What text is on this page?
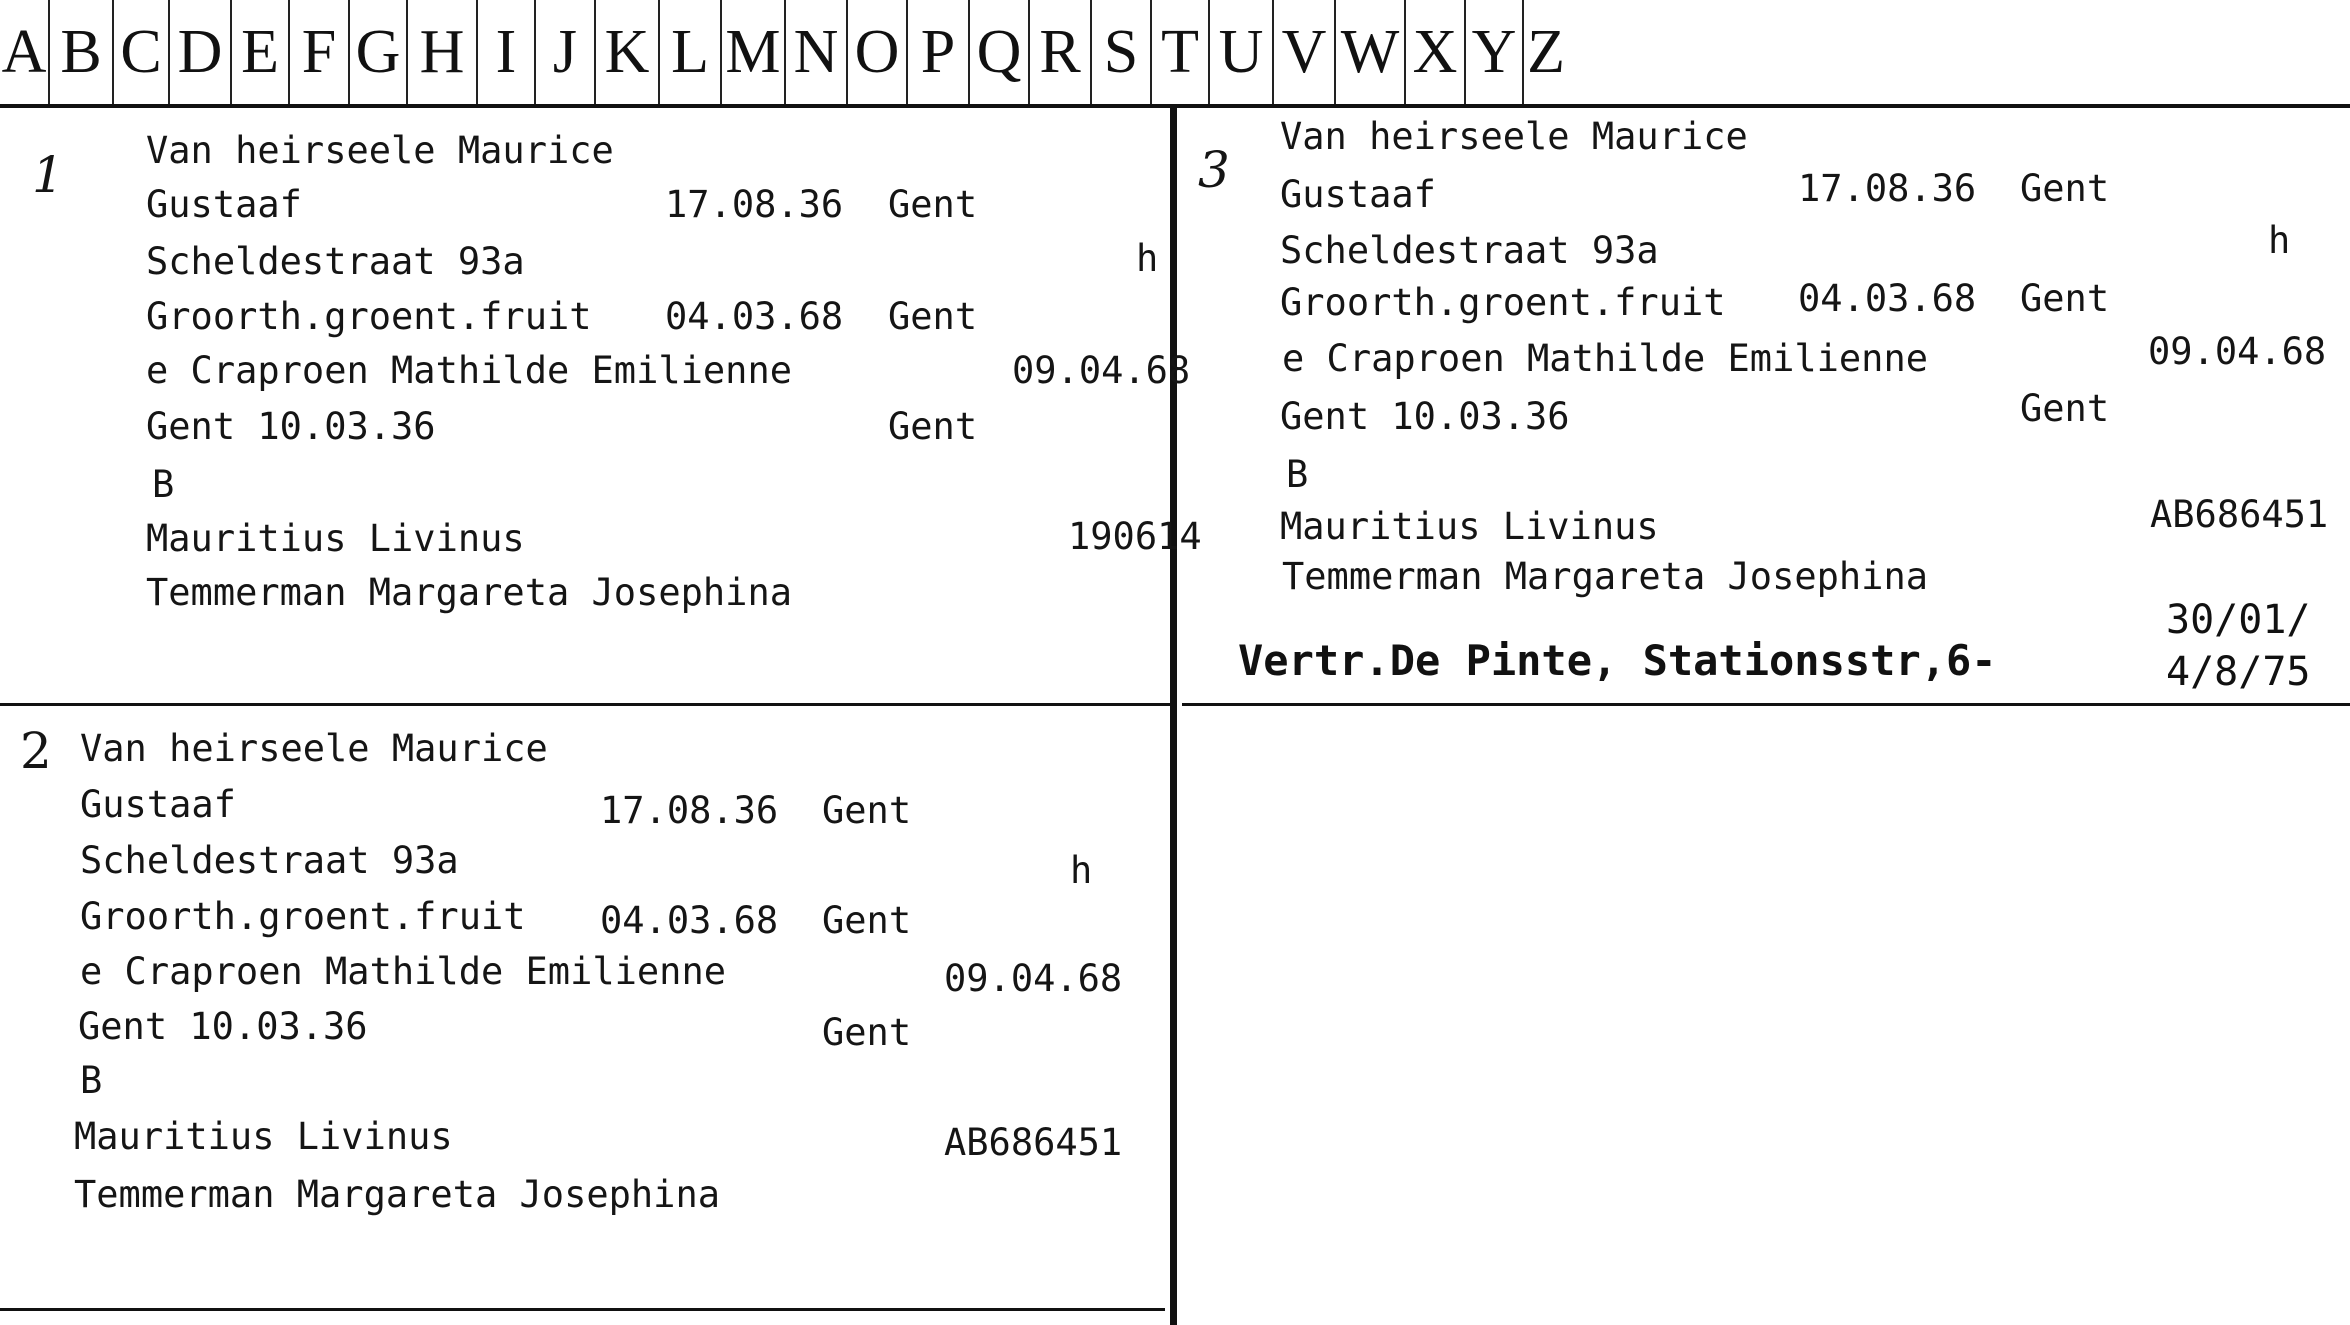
A B C D E F G H I J K L M N O P Q R S T U V W X Y Z
1 Van heirseele Maurice
Gustaaf	17.08.36 Gent
Scheldestraat 93a	h
Groorth.groent.fruit 04.03.68 Gent
e Craproen Mathilde Emilienne	09.04.68
Gent 10.03.36	Gent
B
Mauritius Livinus	190614
Temmerman Margareta Josephina
2 Van heirseele Maurice
Gustaaf	17.08.36 Gent
Scheldestraat 93a	h
Groorth.groent.fruit 04.03.68 Gent
e Craproen Mathilde Emilienne	09.04.68
Gent 10.03.36	Gent
B
Mauritius Livinus	AB686451
Temmerman Margareta Josephina
3
Van heirseele Maurice
Gustaaf	17.08.36 Gent
Scheldestraat 93a	h
Groorth.groent.fruit 04.03.68 Gent
e Craproen Mathilde Emilienne	09.04.68
Gent 10.03.36	Gent
B
Mauritius Livinus	AB686451
Temmerman Margareta Josephina
Vertr.De Pinte, Stationsstr,6-
30/01/
4/8/75
